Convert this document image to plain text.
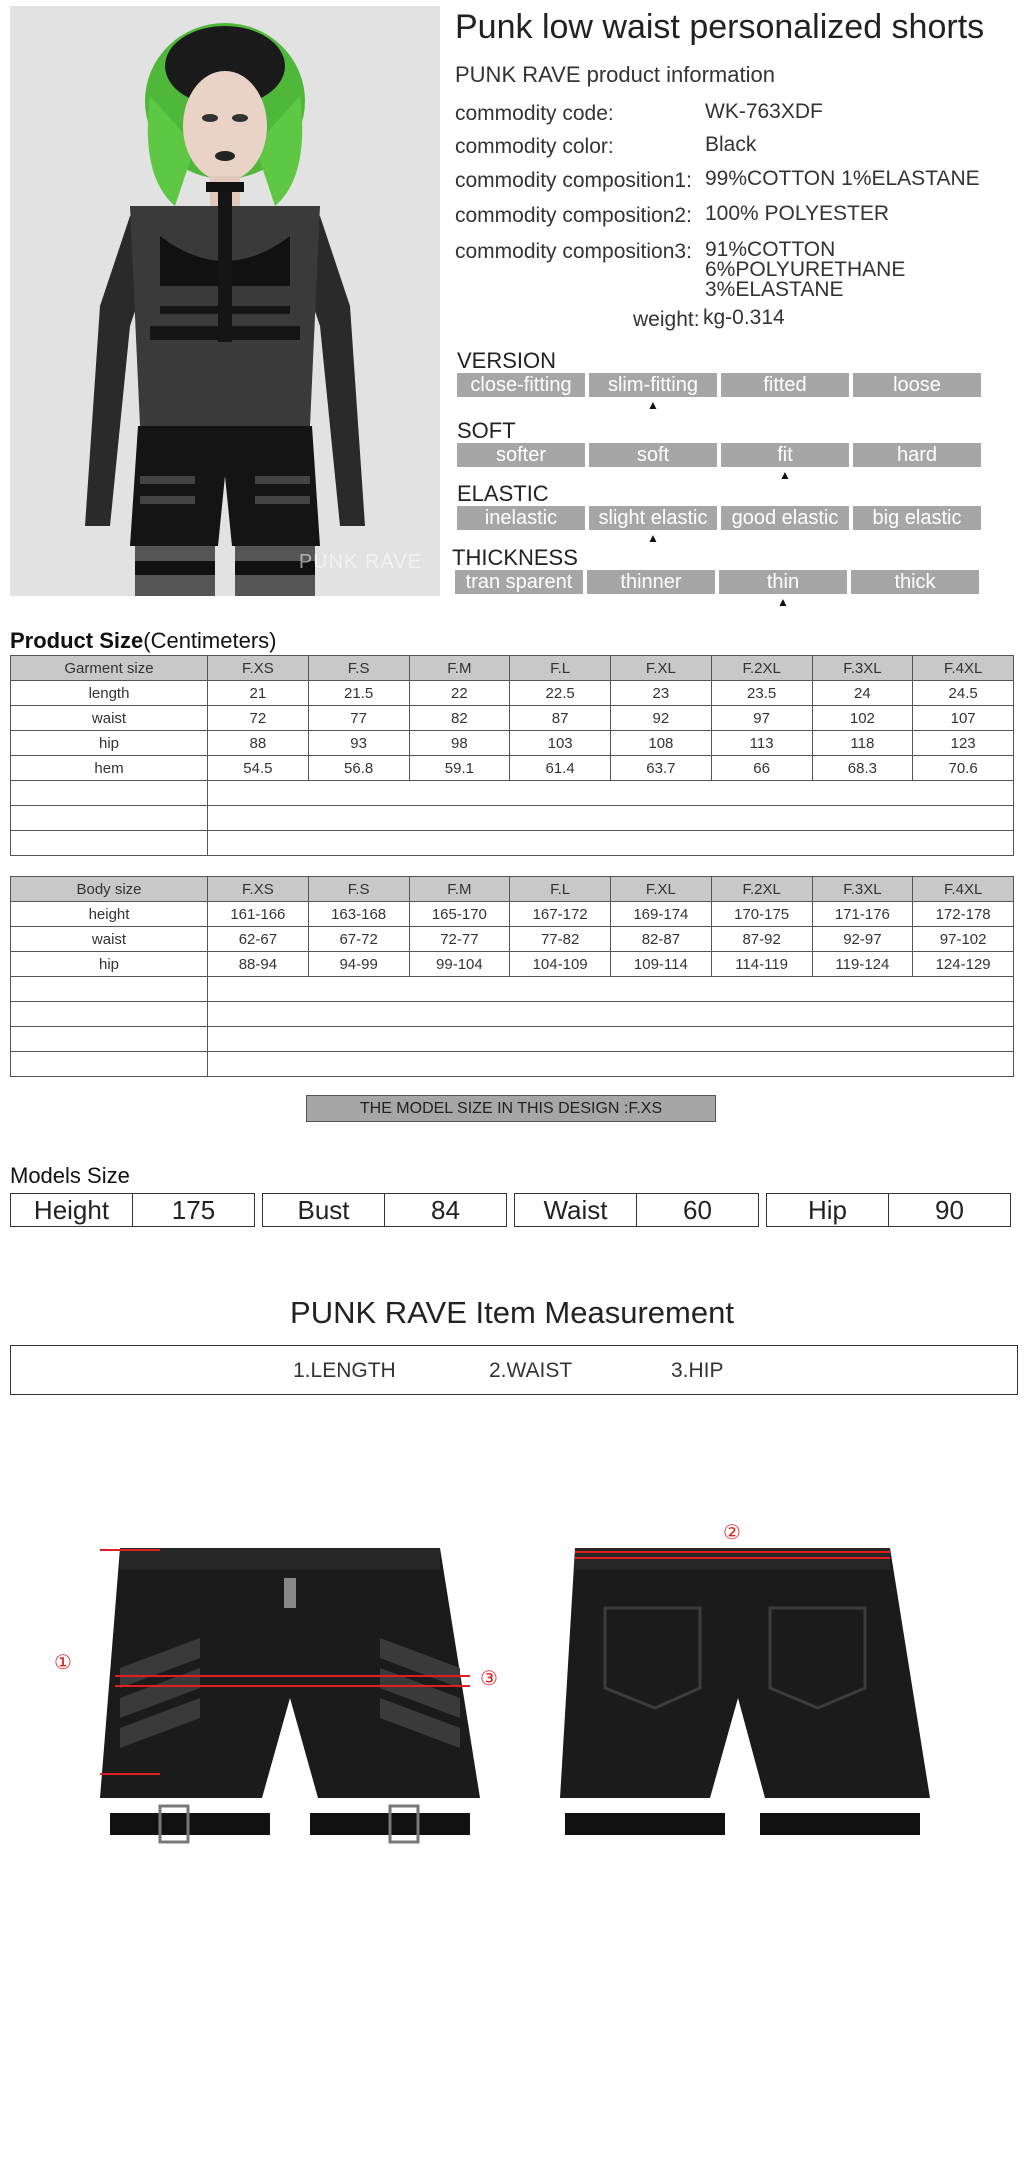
PUNK RAVE
Punk low waist personalized shorts
PUNK RAVE product information
commodity code:	WK-763XDF
commodity color:	Black
commodity composition1: 99%COTTON 1%ELASTANE
commodity composition2: 100% POLYESTER
commodity composition3: 91%COTTON
6%POLYURETHANE
3%ELASTANE
weight: kg-0.314
VERSION
close-fitting	slim-fitting
▲
fitted	loose
SOFT
softer	soft	fit
▲
hard
ELASTIC
inelastic	slight elastic
▲
good elastic	big elastic
THICKNESS
tran sparent	thinner	thin
▲
thick
Product Size(Centimeters)
Garment size	F.XS	F.S	F.M	F.L	F.XL	F.2XL	F.3XL	F.4XL
length	21	21.5	22	22.5	23	23.5	24	24.5
waist	72	77	82	87	92	97	102	107
hip	88	93	98	103	108	113	118	123
hem	54.5	56.8	59.1	61.4	63.7	66	68.3	70.6

Body size	F.XS	F.S	F.M	F.L	F.XL	F.2XL	F.3XL	F.4XL
height	161-166	163-168	165-170	167-172	169-174	170-175	171-176	172-178
waist	62-67	67-72	72-77	77-82	82-87	87-92	92-97	97-102
hip	88-94	94-99	99-104	104-109	109-114	114-119	119-124	124-129

THE MODEL SIZE IN THIS DESIGN :F.XS
Models Size
Height	175	Bust	84	Waist	60	Hip	90
PUNK RAVE Item Measurement
1.LENGTH	2.WAIST	3.HIP
①
③
②
